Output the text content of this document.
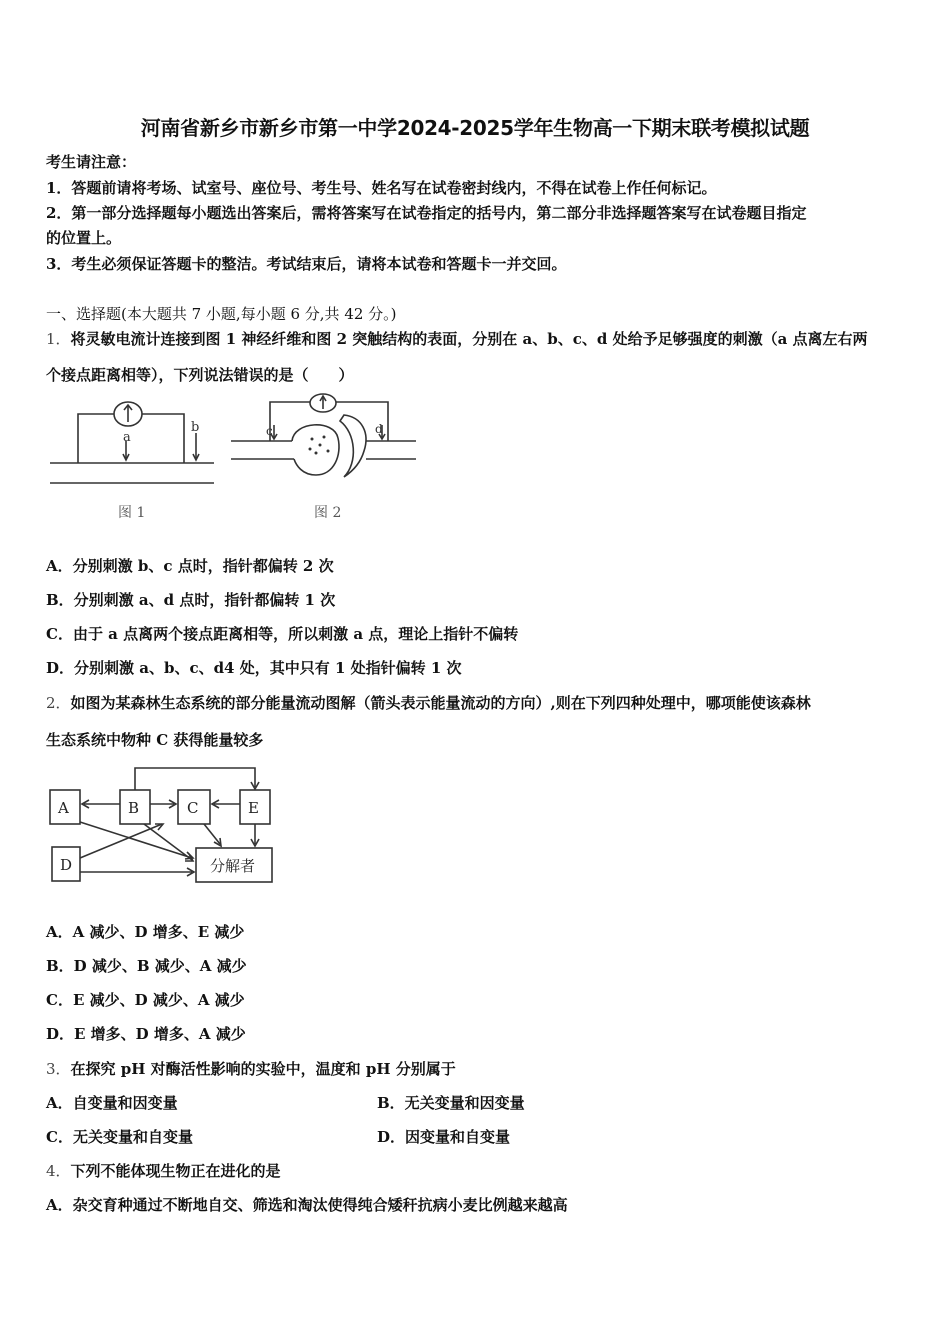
河南省新乡市新乡市第一中学2024-2025学年生物高一下期末联考模拟试题
考生请注意：
1．答题前请将考场、试室号、座位号、考生号、姓名写在试卷密封线内，不得在试卷上作任何标记。
2．第一部分选择题每小题选出答案后，需将答案写在试卷指定的括号内，第二部分非选择题答案写在试卷题目指定
的位置上。
3．考生必须保证答题卡的整洁。考试结束后，请将本试卷和答题卡一并交回。
一、选择题(本大题共 7 小题,每小题 6 分,共 42 分。)
1．将灵敏电流计连接到图 1 神经纤维和图 2 突触结构的表面，分别在 a、b、c、d 处给予足够强度的刺激（a 点离左右两
个接点距离相等），下列说法错误的是（　　）
a
b	c	d
图 1	图 2
A．分别刺激 b、c 点时，指针都偏转 2 次
B．分别刺激 a、d 点时，指针都偏转 1 次
C．由于 a 点离两个接点距离相等，所以刺激 a 点，理论上指针不偏转
D．分别刺激 a、b、c、d4 处，其中只有 1 处指针偏转 1 次
2．如图为某森林生态系统的部分能量流动图解（箭头表示能量流动的方向）,则在下列四种处理中，哪项能使该森林
生态系统中物种 C 获得能量较多
A	B	C	E
D	分解者
A．A 减少、D 增多、E 减少
B．D 减少、B 减少、A 减少
C．E 减少、D 减少、A 减少
D．E 增多、D 增多、A 减少
3．在探究 pH 对酶活性影响的实验中，温度和 pH 分别属于
A．自变量和因变量	B．无关变量和因变量
C．无关变量和自变量	D．因变量和自变量
4．下列不能体现生物正在进化的是
A．杂交育种通过不断地自交、筛选和淘汰使得纯合矮秆抗病小麦比例越来越高
